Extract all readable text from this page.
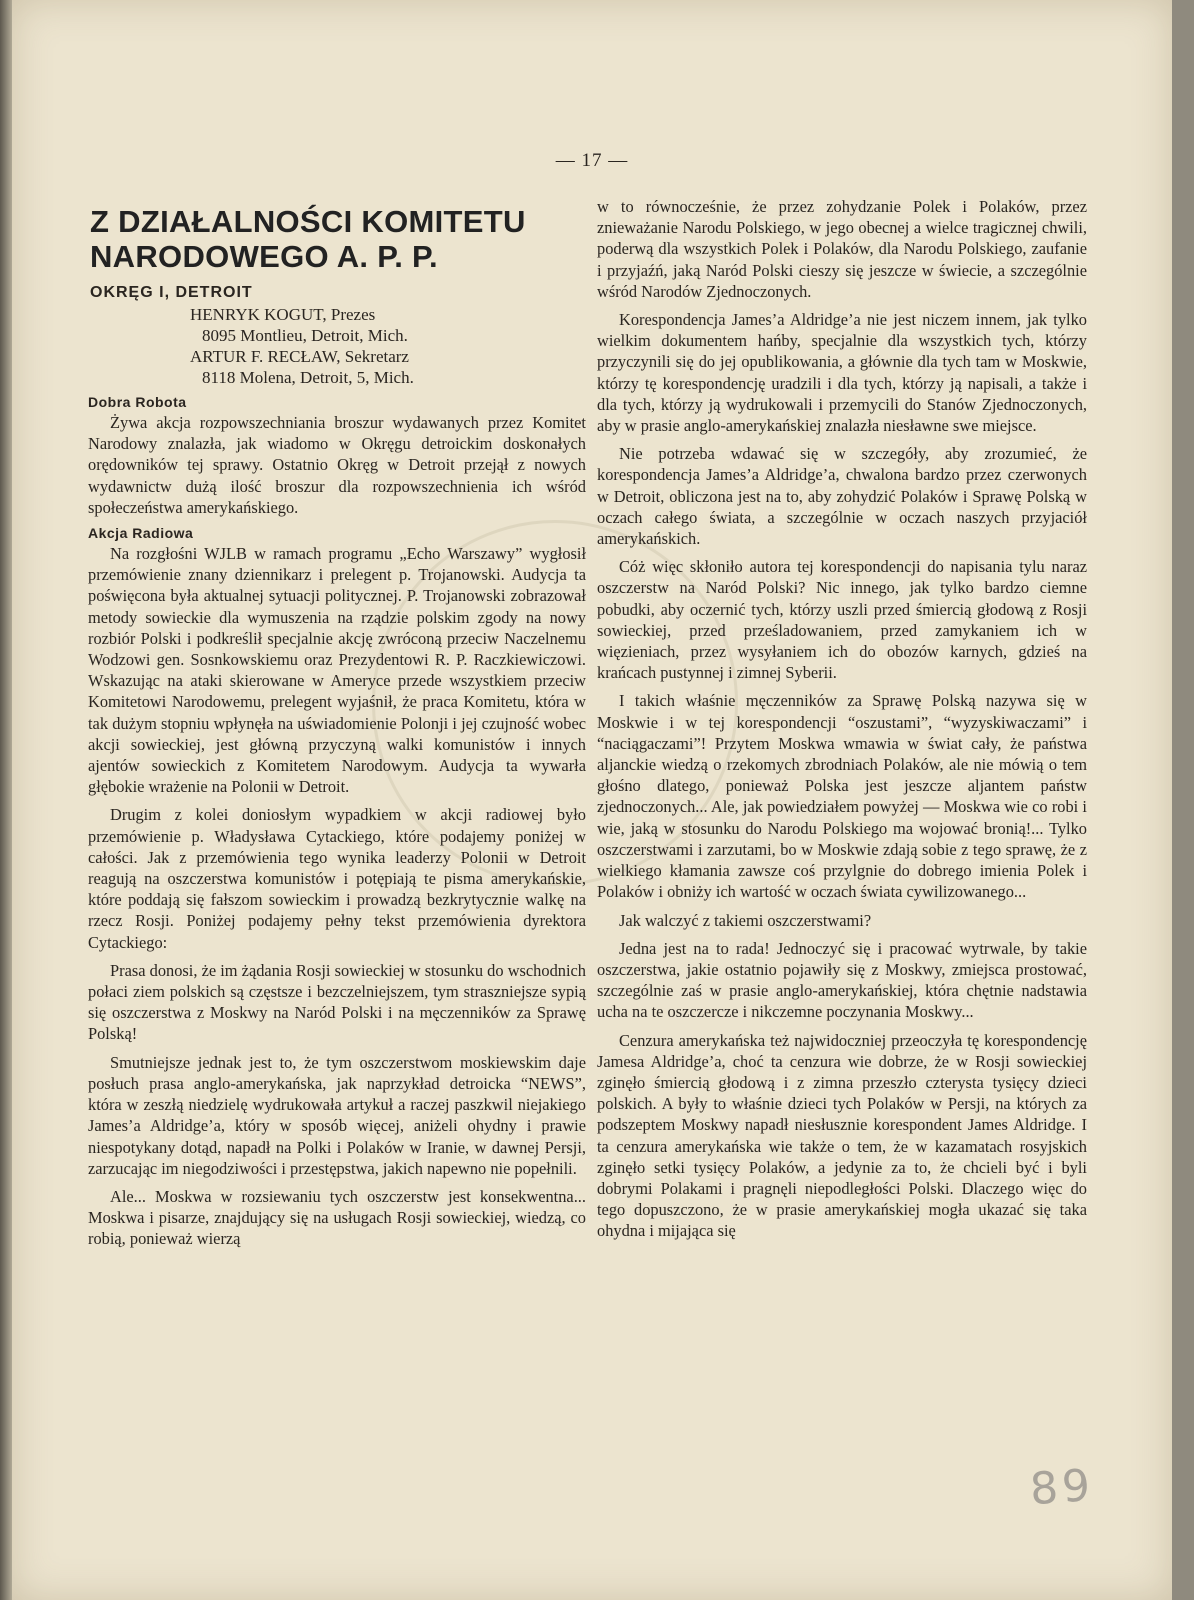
— 17 —
Z DZIAŁALNOŚCI KOMITETU
NARODOWEGO A. P. P.
OKRĘG I, DETROIT

HENRYK KOGUT, Prezes

8095 Montlieu, Detroit, Mich.

ARTUR F. RECŁAW, Sekretarz

8118 Molena, Detroit, 5, Mich.

Dobra Robota

Żywa akcja rozpowszechniania broszur wydawanych przez Komitet Narodowy znalazła, jak wiadomo w Okręgu detroickim doskonałych orędowników tej sprawy. Ostatnio Okręg w Detroit przejął z nowych wydawnictw dużą ilość broszur dla rozpowszechnienia ich wśród społeczeństwa amerykańskiego.

Akcja Radiowa

Na rozgłośni WJLB w ramach programu „Echo Warszawy” wygłosił przemówienie znany dziennikarz i prelegent p. Trojanowski. Audycja ta poświęcona była aktualnej sytuacji politycznej. P. Trojanowski zobrazował metody sowieckie dla wymuszenia na rządzie polskim zgody na nowy rozbiór Polski i podkreślił specjalnie akcję zwróconą przeciw Naczelnemu Wodzowi gen. Sosnkowskiemu oraz Prezydentowi R. P. Raczkiewiczowi. Wskazując na ataki skierowane w Ameryce przede wszystkiem przeciw Komitetowi Narodowemu, prelegent wyjaśnił, że praca Komitetu, która w tak dużym stopniu wpłynęła na uświadomienie Polonji i jej czujność wobec akcji sowieckiej, jest główną przyczyną walki komunistów i innych ajentów sowieckich z Komitetem Narodowym. Audycja ta wywarła głębokie wrażenie na Polonii w Detroit.

Drugim z kolei doniosłym wypadkiem w akcji radiowej było przemówienie p. Władysława Cytackiego, które podajemy poniżej w całości. Jak z przemówienia tego wynika leaderzy Polonii w Detroit reagują na oszczerstwa komunistów i potępiają te pisma amerykańskie, które poddają się fałszom sowieckim i prowadzą bezkrytycznie walkę na rzecz Rosji. Poniżej podajemy pełny tekst przemówienia dyrektora Cytackiego:

Prasa donosi, że im żądania Rosji sowieckiej w stosunku do wschodnich połaci ziem polskich są częstsze i bezczelniejszem, tym straszniejsze sypią się oszczerstwa z Moskwy na Naród Polski i na męczenników za Sprawę Polską!

Smutniejsze jednak jest to, że tym oszczerstwom moskiewskim daje posłuch prasa anglo-amerykańska, jak naprzykład detroicka “NEWS”, która w zeszłą niedzielę wydrukowała artykuł a raczej paszkwil niejakiego James’a Aldridge’a, który w sposób więcej, aniżeli ohydny i prawie niespotykany dotąd, napadł na Polki i Polaków w Iranie, w dawnej Persji, zarzucając im niegodziwości i przestępstwa, jakich napewno nie popełnili.

Ale... Moskwa w rozsiewaniu tych oszczerstw jest konsekwentna... Moskwa i pisarze, znajdujący się na usługach Rosji sowieckiej, wiedzą, co robią, ponieważ wierzą

w to równocześnie, że przez zohydzanie Polek i Polaków, przez znieważanie Narodu Polskiego, w jego obecnej a wielce tragicznej chwili, poderwą dla wszystkich Polek i Polaków, dla Narodu Polskiego, zaufanie i przyjaźń, jaką Naród Polski cieszy się jeszcze w świecie, a szczególnie wśród Narodów Zjednoczonych.

Korespondencja James’a Aldridge’a nie jest niczem innem, jak tylko wielkim dokumentem hańby, specjalnie dla wszystkich tych, którzy przyczynili się do jej opublikowania, a głównie dla tych tam w Moskwie, którzy tę korespondencję uradzili i dla tych, którzy ją napisali, a także i dla tych, którzy ją wydrukowali i przemycili do Stanów Zjednoczonych, aby w prasie anglo-amerykańskiej znalazła niesławne swe miejsce.

Nie potrzeba wdawać się w szczegóły, aby zrozumieć, że korespondencja James’a Aldridge’a, chwalona bardzo przez czerwonych w Detroit, obliczona jest na to, aby zohydzić Polaków i Sprawę Polską w oczach całego świata, a szczególnie w oczach naszych przyjaciół amerykańskich.

Cóż więc skłoniło autora tej korespondencji do napisania tylu naraz oszczerstw na Naród Polski? Nic innego, jak tylko bardzo ciemne pobudki, aby oczernić tych, którzy uszli przed śmiercią głodową z Rosji sowieckiej, przed prześladowaniem, przed zamykaniem ich w więzieniach, przez wysyłaniem ich do obozów karnych, gdzieś na krańcach pustynnej i zimnej Syberii.

I takich właśnie męczenników za Sprawę Polską nazywa się w Moskwie i w tej korespondencji “oszustami”, “wyzyskiwaczami” i “naciągaczami”! Przytem Moskwa wmawia w świat cały, że państwa aljanckie wiedzą o rzekomych zbrodniach Polaków, ale nie mówią o tem głośno dlatego, ponieważ Polska jest jeszcze aljantem państw zjednoczonych... Ale, jak powiedziałem powyżej — Moskwa wie co robi i wie, jaką w stosunku do Narodu Polskiego ma wojować bronią!... Tylko oszczerstwami i zarzutami, bo w Moskwie zdają sobie z tego sprawę, że z wielkiego kłamania zawsze coś przylgnie do dobrego imienia Polek i Polaków i obniży ich wartość w oczach świata cywilizowanego...

Jak walczyć z takiemi oszczerstwami?

Jedna jest na to rada! Jednoczyć się i pracować wytrwale, by takie oszczerstwa, jakie ostatnio pojawiły się z Moskwy, zmiejsca prostować, szczególnie zaś w prasie anglo-amerykańskiej, która chętnie nadstawia ucha na te oszczercze i nikczemne poczynania Moskwy...

Cenzura amerykańska też najwidoczniej przeoczyła tę korespondencję Jamesa Aldridge’a, choć ta cenzura wie dobrze, że w Rosji sowieckiej zginęło śmiercią głodową i z zimna przeszło czterysta tysięcy dzieci polskich. A były to właśnie dzieci tych Polaków w Persji, na których za podszeptem Moskwy napadł niesłusznie korespondent James Aldridge. I ta cenzura amerykańska wie także o tem, że w kazamatach rosyjskich zginęło setki tysięcy Polaków, a jedynie za to, że chcieli być i byli dobrymi Polakami i pragnęli niepodległości Polski. Dlaczego więc do tego dopuszczono, że w prasie amerykańskiej mogła ukazać się taka ohydna i mijająca się

89
